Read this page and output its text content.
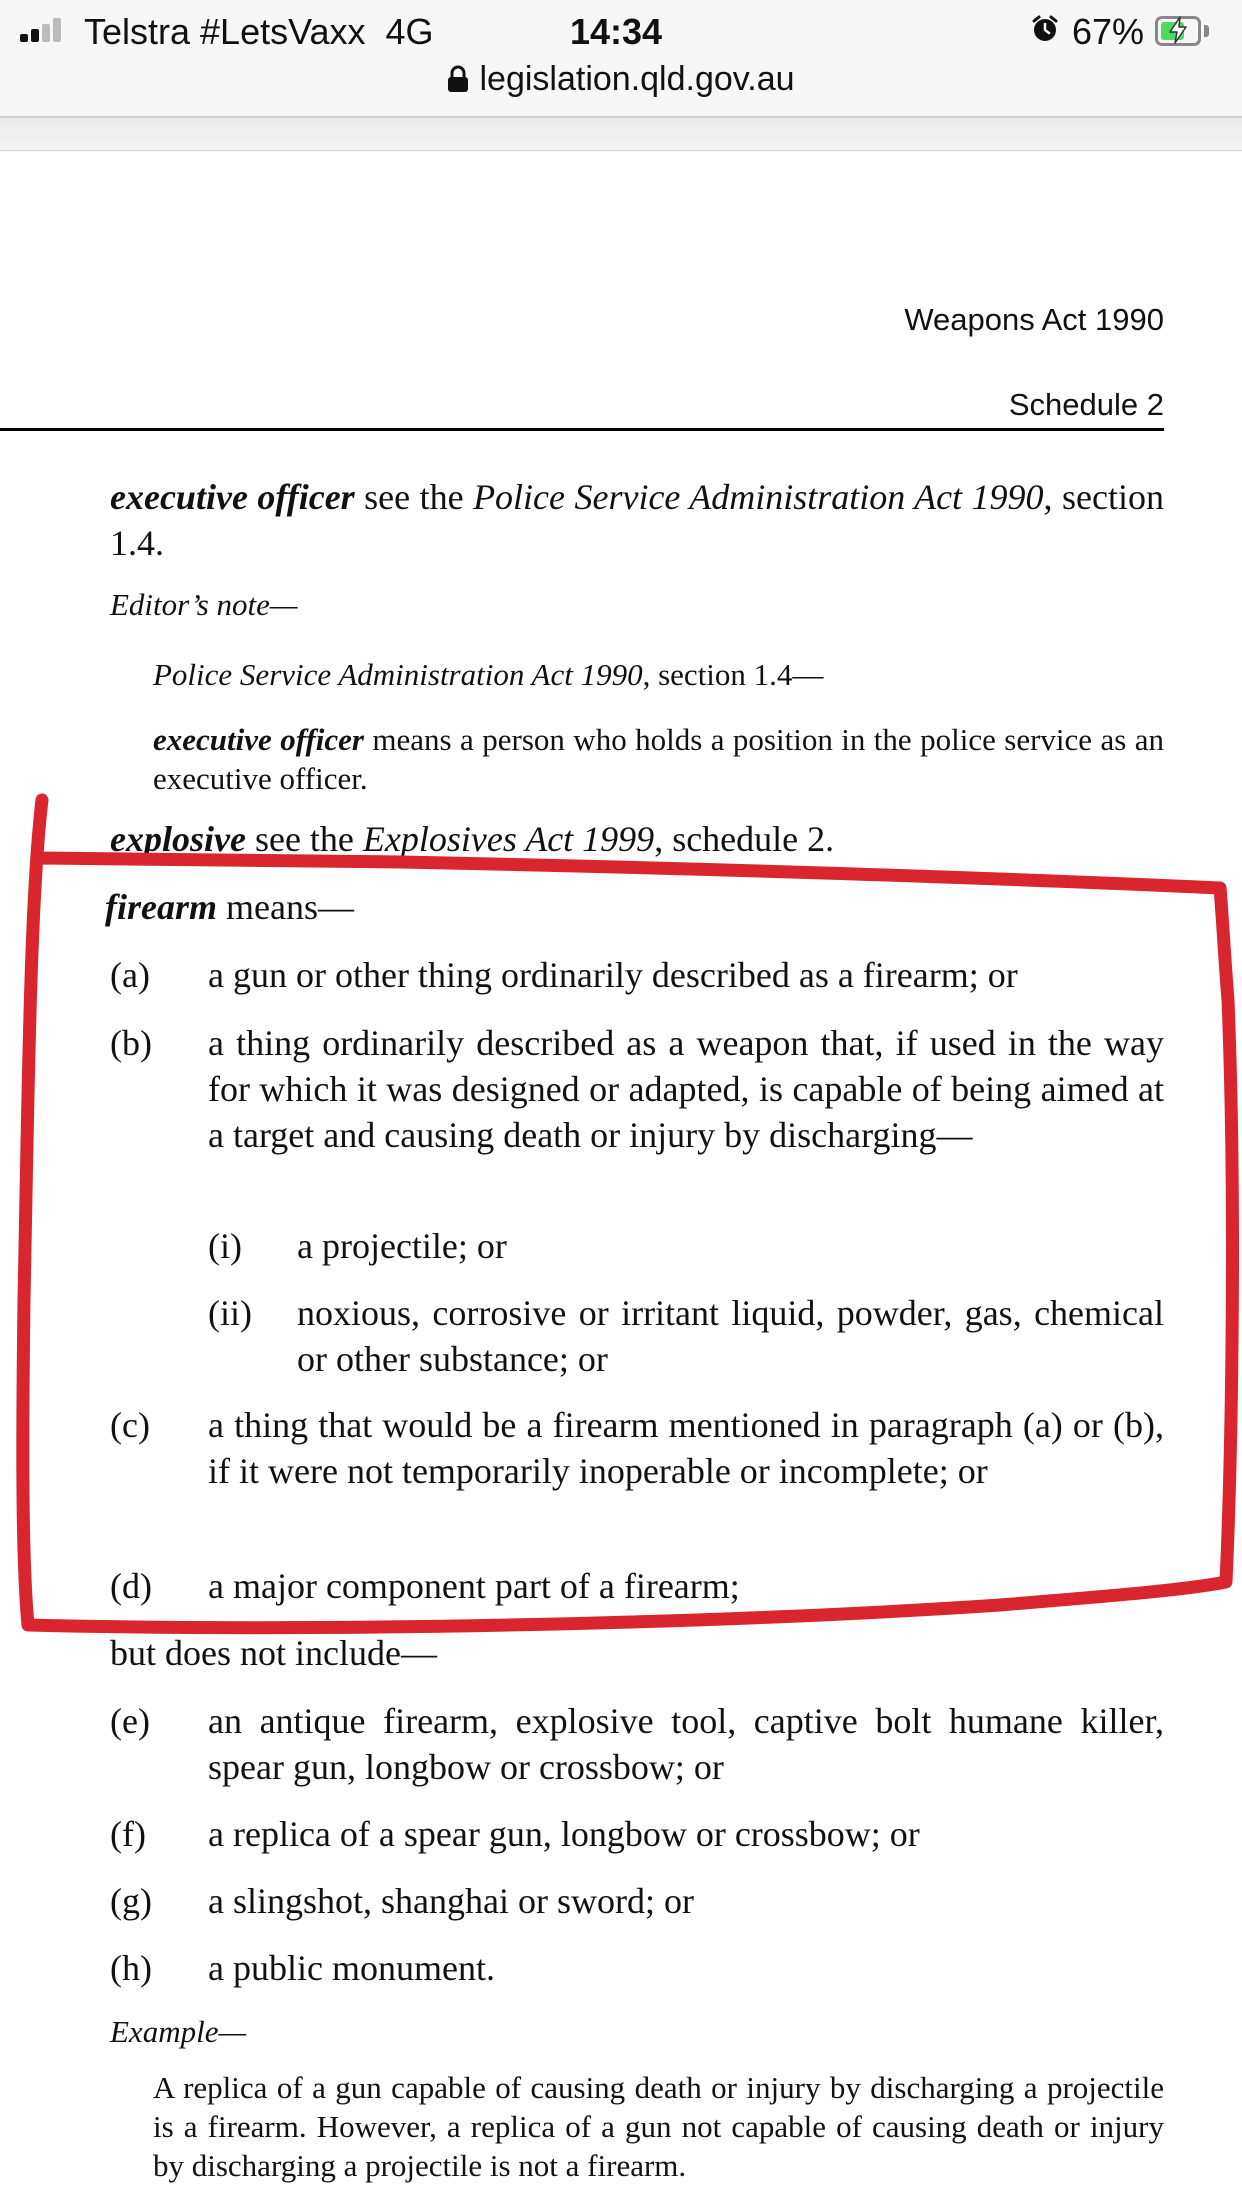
Telstra #LetsVaxx 4G	14:34	67%
legislation.qld.gov.au
Weapons Act 1990
Schedule 2
executive officer see the Police Service Administration Act 1990, section 1.4.
Editor’s note—
Police Service Administration Act 1990, section 1.4—
executive officer means a person who holds a position in the police service as an executive officer.
explosive see the Explosives Act 1999, schedule 2.
firearm means—
(a) a gun or other thing ordinarily described as a firearm; or
(b) a thing ordinarily described as a weapon that, if used in the way for which it was designed or adapted, is capable of being aimed at a target and causing death or injury by discharging—
(i) a projectile; or
(ii) noxious, corrosive or irritant liquid, powder, gas, chemical or other substance; or
(c) a thing that would be a firearm mentioned in paragraph (a) or (b), if it were not temporarily inoperable or incomplete; or
(d) a major component part of a firearm;
but does not include—
(e) an antique firearm, explosive tool, captive bolt humane killer, spear gun, longbow or crossbow; or
(f) a replica of a spear gun, longbow or crossbow; or
(g) a slingshot, shanghai or sword; or
(h) a public monument.
Example—
A replica of a gun capable of causing death or injury by discharging a projectile is a firearm. However, a replica of a gun not capable of causing death or injury by discharging a projectile is not a firearm.
